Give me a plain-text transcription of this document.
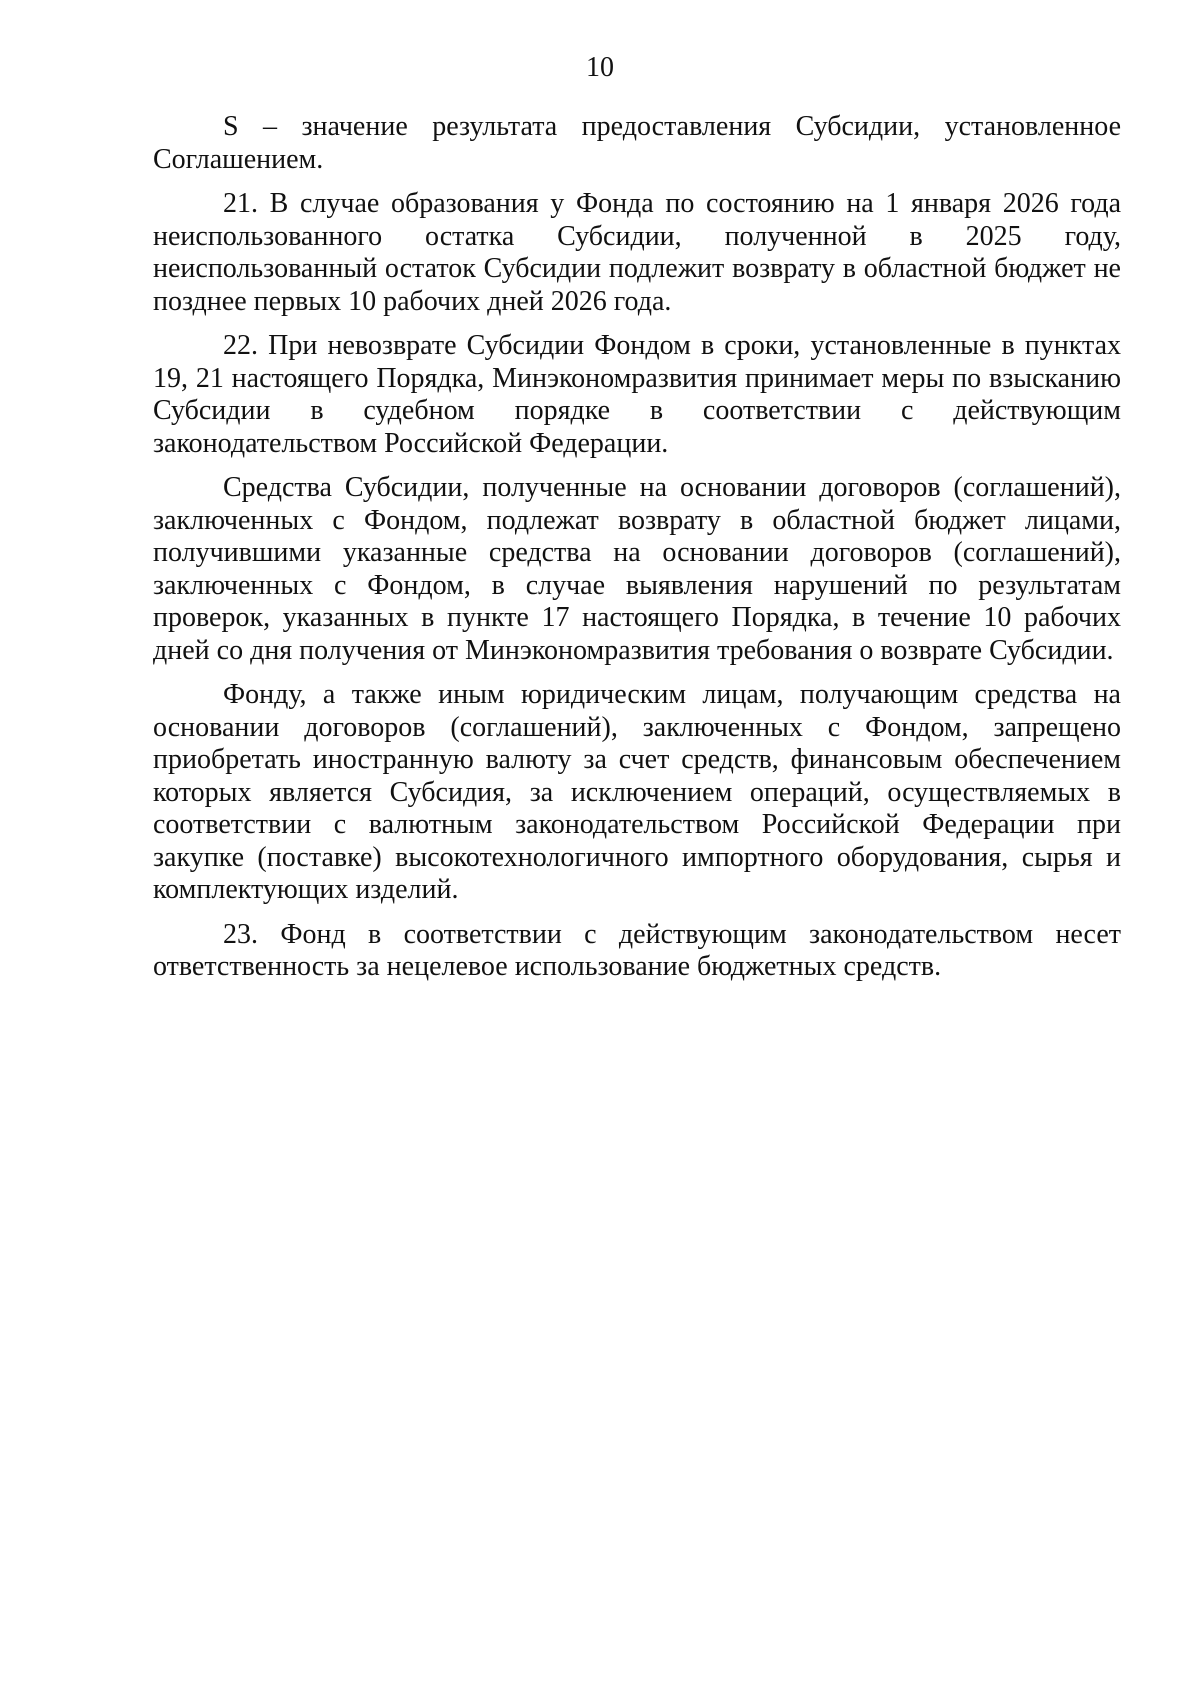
10

S – значение результата предоставления Субсидии, установленное Соглашением.

21. В случае образования у Фонда по состоянию на 1 января 2026 года неиспользованного остатка Субсидии, полученной в 2025 году, неиспользованный остаток Субсидии подлежит возврату в областной бюджет не позднее первых 10 рабочих дней 2026 года.

22. При невозврате Субсидии Фондом в сроки, установленные в пунктах 19, 21 настоящего Порядка, Минэкономразвития принимает меры по взысканию Субсидии в судебном порядке в соответствии с действующим законодательством Российской Федерации.

Средства Субсидии, полученные на основании договоров (соглашений), заключенных с Фондом, подлежат возврату в областной бюджет лицами, получившими указанные средства на основании договоров (соглашений), заключенных с Фондом, в случае выявления нарушений по результатам проверок, указанных в пункте 17 настоящего Порядка, в течение 10 рабочих дней со дня получения от Минэкономразвития требования о возврате Субсидии.

Фонду, а также иным юридическим лицам, получающим средства на основании договоров (соглашений), заключенных с Фондом, запрещено приобретать иностранную валюту за счет средств, финансовым обеспечением которых является Субсидия, за исключением операций, осуществляемых в соответствии с валютным законодательством Российской Федерации при закупке (поставке) высокотехнологичного импортного оборудования, сырья и комплектующих изделий.

23. Фонд в соответствии с действующим законодательством несет ответственность за нецелевое использование бюджетных средств.
